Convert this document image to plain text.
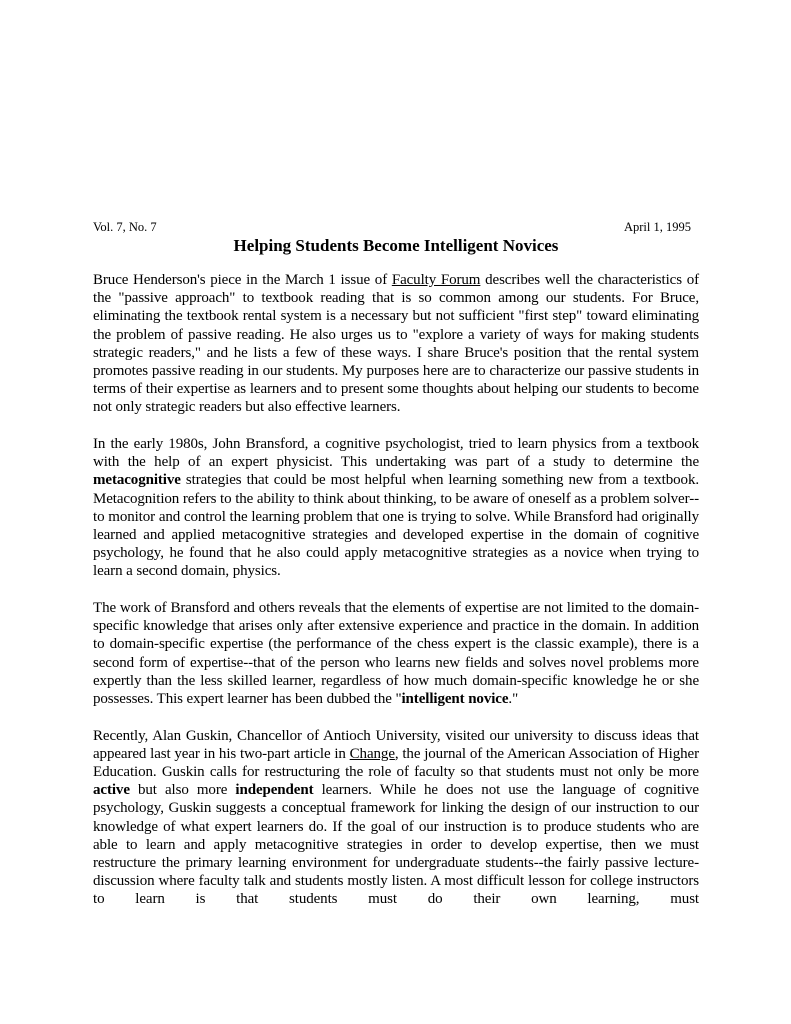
Vol. 7, No. 7	April 1, 1995
Helping Students Become Intelligent Novices

Bruce Henderson's piece in the March 1 issue of Faculty Forum describes well the characteristics of the "passive approach" to textbook reading that is so common among our students. For Bruce, eliminating the textbook rental system is a necessary but not sufficient "first step" toward eliminating the problem of passive reading. He also urges us to "explore a variety of ways for making students strategic readers," and he lists a few of these ways. I share Bruce's position that the rental system promotes passive reading in our students. My purposes here are to characterize our passive students in terms of their expertise as learners and to present some thoughts about helping our students to become not only strategic readers but also effective learners.

In the early 1980s, John Bransford, a cognitive psychologist, tried to learn physics from a textbook with the help of an expert physicist. This undertaking was part of a study to determine the metacognitive strategies that could be most helpful when learning something new from a textbook. Metacognition refers to the ability to think about thinking, to be aware of oneself as a problem solver--to monitor and control the learning problem that one is trying to solve. While Bransford had originally learned and applied metacognitive strategies and developed expertise in the domain of cognitive psychology, he found that he also could apply metacognitive strategies as a novice when trying to learn a second domain, physics.

The work of Bransford and others reveals that the elements of expertise are not limited to the domain-specific knowledge that arises only after extensive experience and practice in the domain. In addition to domain-specific expertise (the performance of the chess expert is the classic example), there is a second form of expertise--that of the person who learns new fields and solves novel problems more expertly than the less skilled learner, regardless of how much domain-specific knowledge he or she possesses. This expert learner has been dubbed the "intelligent novice."

Recently, Alan Guskin, Chancellor of Antioch University, visited our university to discuss ideas that appeared last year in his two-part article in Change, the journal of the American Association of Higher Education. Guskin calls for restructuring the role of faculty so that students must not only be more active but also more independent learners. While he does not use the language of cognitive psychology, Guskin suggests a conceptual framework for linking the design of our instruction to our knowledge of what expert learners do. If the goal of our instruction is to produce students who are able to learn and apply metacognitive strategies in order to develop expertise, then we must restructure the primary learning environment for undergraduate students--the fairly passive lecture-discussion where faculty talk and students mostly listen. A most difficult lesson for college instructors to learn is that students must do their own learning, must
